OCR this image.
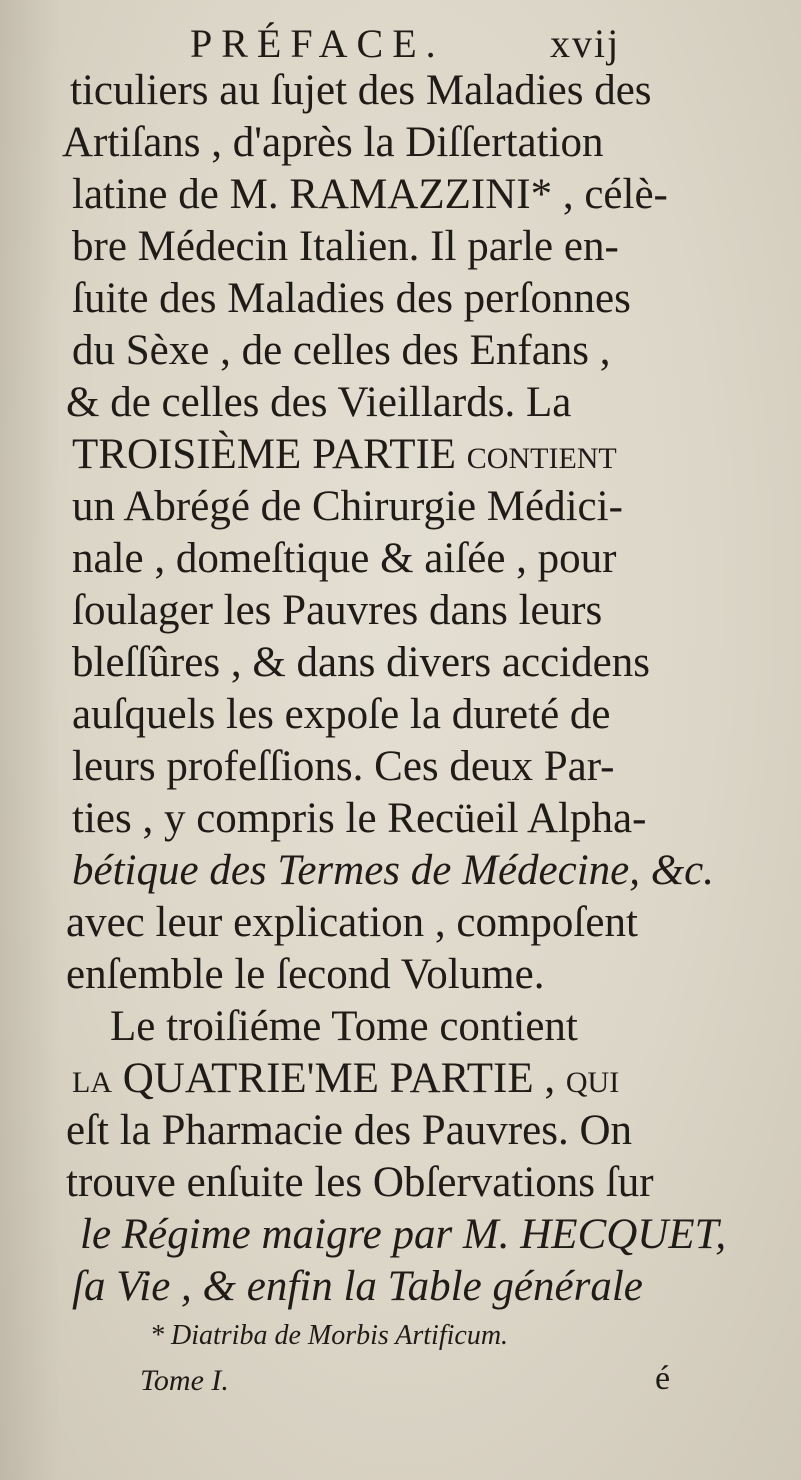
PRÉFACE.	xvij
ticuliers au ſujet des Maladies des
Artiſans , d'après la Diſſertation
latine de M. RAMAZZINI* , célè-
bre Médecin Italien. Il parle en-
ſuite des Maladies des perſonnes
du Sèxe , de celles des Enfans ,
& de celles des Vieillards. La
TROISIÈME PARTIE contient
un Abrégé de Chirurgie Médici-
nale , domeſtique & aiſée , pour
ſoulager les Pauvres dans leurs
bleſſûres , & dans divers accidens
auſquels les expoſe la dureté de
leurs profeſſions. Ces deux Par-
ties , y compris le Recüeil Alpha-
bétique des Termes de Médecine, &c.
avec leur explication , compoſent
enſemble le ſecond Volume.
Le troiſiéme Tome contient
la QUATRIE'ME PARTIE , qui
eſt la Pharmacie des Pauvres. On
trouve enſuite les Obſervations ſur
le Régime maigre par M. HECQUET,
ſa Vie , & enfin la Table générale
* Diatriba de Morbis Artificum.
Tome I.	é
